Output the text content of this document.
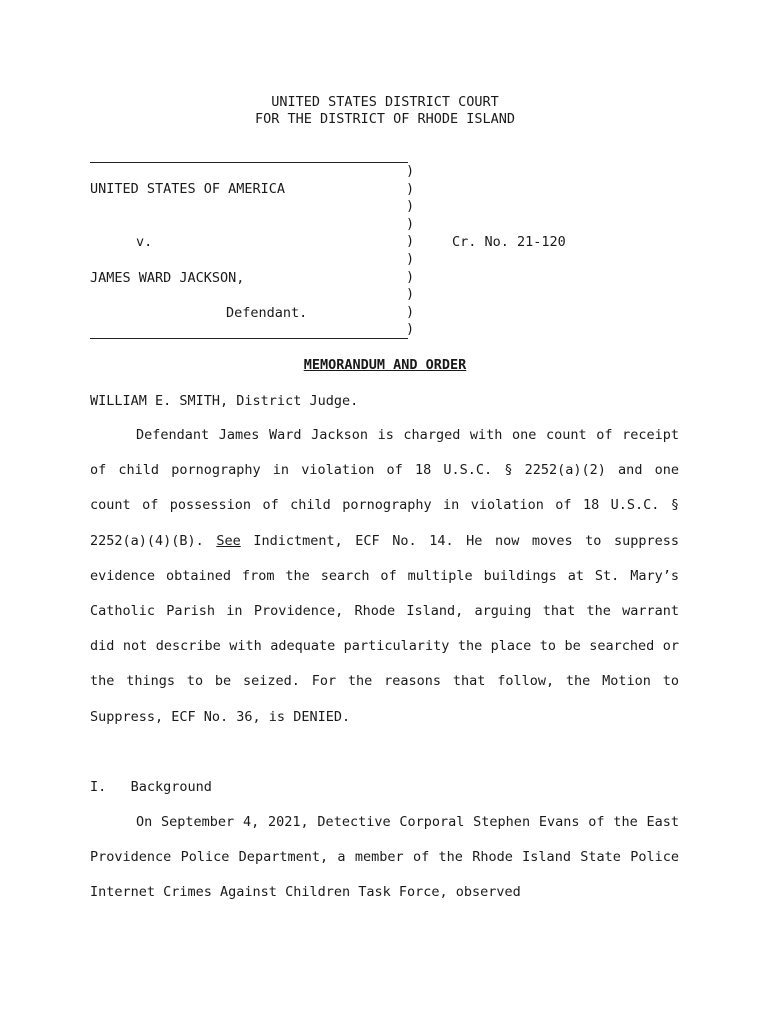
UNITED STATES DISTRICT COURT
FOR THE DISTRICT OF RHODE ISLAND
)
)
)
)
)
)
)
)
)
)
UNITED STATES OF AMERICA
v.	Cr. No. 21-120
JAMES WARD JACKSON,
Defendant.
MEMORANDUM AND ORDER
WILLIAM E. SMITH, District Judge.

Defendant James Ward Jackson is charged with one count of receipt of child pornography in violation of 18 U.S.C. § 2252(a)(2) and one count of possession of child pornography in violation of 18 U.S.C. § 2252(a)(4)(B). See Indictment, ECF No. 14. He now moves to suppress evidence obtained from the search of multiple buildings at St. Mary’s Catholic Parish in Providence, Rhode Island, arguing that the warrant did not describe with adequate particularity the place to be searched or the things to be seized. For the reasons that follow, the Motion to Suppress, ECF No. 36, is DENIED.

I. Background

On September 4, 2021, Detective Corporal Stephen Evans of the East Providence Police Department, a member of the Rhode Island State Police Internet Crimes Against Children Task Force, observed
